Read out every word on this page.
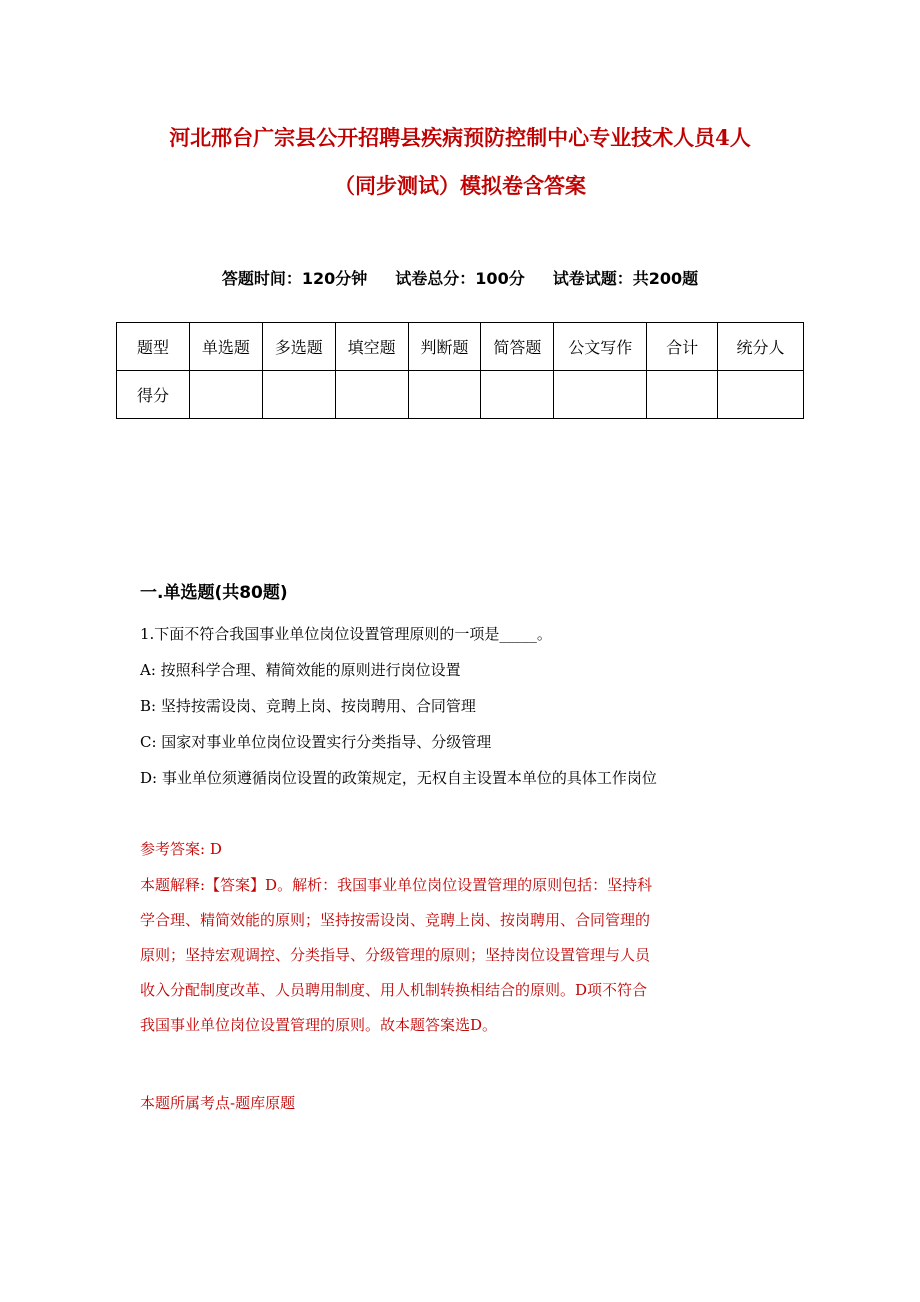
河北邢台广宗县公开招聘县疾病预防控制中心专业技术人员4人
（同步测试）模拟卷含答案
答题时间：120分钟 试卷总分：100分 试卷试题：共200题
题型	单选题	多选题	填空题	判断题	简答题	公文写作	合计	统分人
得分								
一.单选题(共80题)
1.下面不符合我国事业单位岗位设置管理原则的一项是_____。
A: 按照科学合理、精简效能的原则进行岗位设置
B: 坚持按需设岗、竞聘上岗、按岗聘用、合同管理
C: 国家对事业单位岗位设置实行分类指导、分级管理
D: 事业单位须遵循岗位设置的政策规定，无权自主设置本单位的具体工作岗位
参考答案: D
本题解释:【答案】D。解析：我国事业单位岗位设置管理的原则包括：坚持科
学合理、精简效能的原则；坚持按需设岗、竞聘上岗、按岗聘用、合同管理的
原则；坚持宏观调控、分类指导、分级管理的原则；坚持岗位设置管理与人员
收入分配制度改革、人员聘用制度、用人机制转换相结合的原则。D项不符合
我国事业单位岗位设置管理的原则。故本题答案选D。
本题所属考点-题库原题
